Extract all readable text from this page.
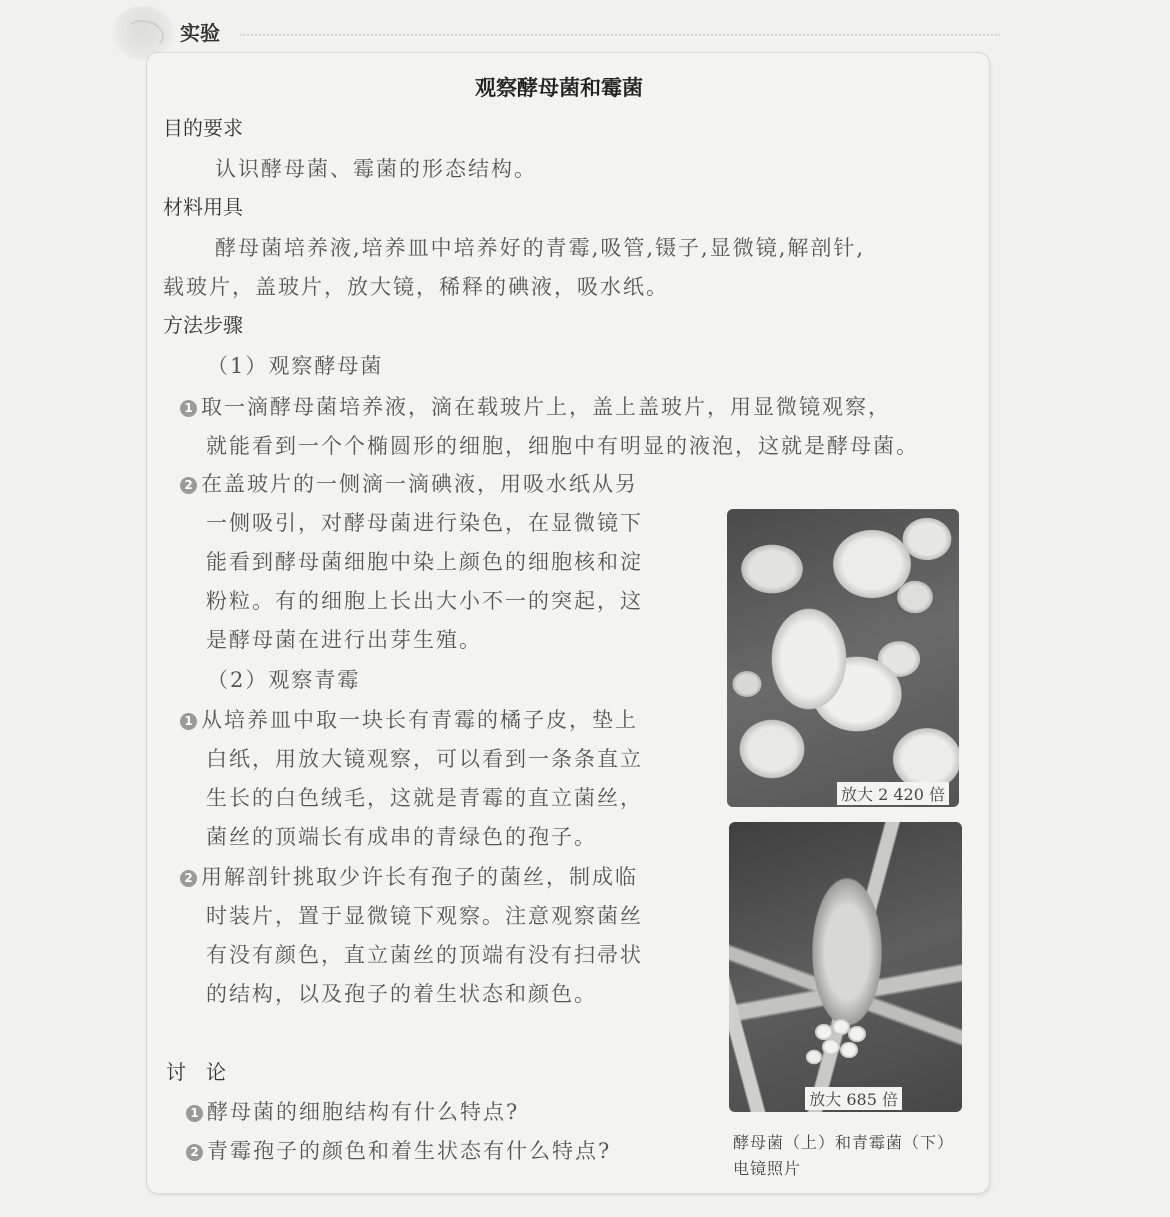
实验
观察酵母菌和霉菌
目的要求
认识酵母菌、霉菌的形态结构。
材料用具
酵母菌培养液,培养皿中培养好的青霉,吸管,镊子,显微镜,解剖针,
载玻片，盖玻片，放大镜，稀释的碘液，吸水纸。
方法步骤
（1）观察酵母菌
1 取一滴酵母菌培养液，滴在载玻片上，盖上盖玻片，用显微镜观察，
就能看到一个个椭圆形的细胞，细胞中有明显的液泡，这就是酵母菌。
2 在盖玻片的一侧滴一滴碘液，用吸水纸从另
一侧吸引，对酵母菌进行染色，在显微镜下
能看到酵母菌细胞中染上颜色的细胞核和淀
粉粒。有的细胞上长出大小不一的突起，这
是酵母菌在进行出芽生殖。
（2）观察青霉
1 从培养皿中取一块长有青霉的橘子皮，垫上
白纸，用放大镜观察，可以看到一条条直立
生长的白色绒毛，这就是青霉的直立菌丝，
菌丝的顶端长有成串的青绿色的孢子。
2 用解剖针挑取少许长有孢子的菌丝，制成临
时装片，置于显微镜下观察。注意观察菌丝
有没有颜色，直立菌丝的顶端有没有扫帚状
的结构，以及孢子的着生状态和颜色。
讨　论
1 酵母菌的细胞结构有什么特点?
2 青霉孢子的颜色和着生状态有什么特点?
放大 2 420 倍
放大 685 倍
酵母菌（上）和青霉菌（下）
电镜照片
